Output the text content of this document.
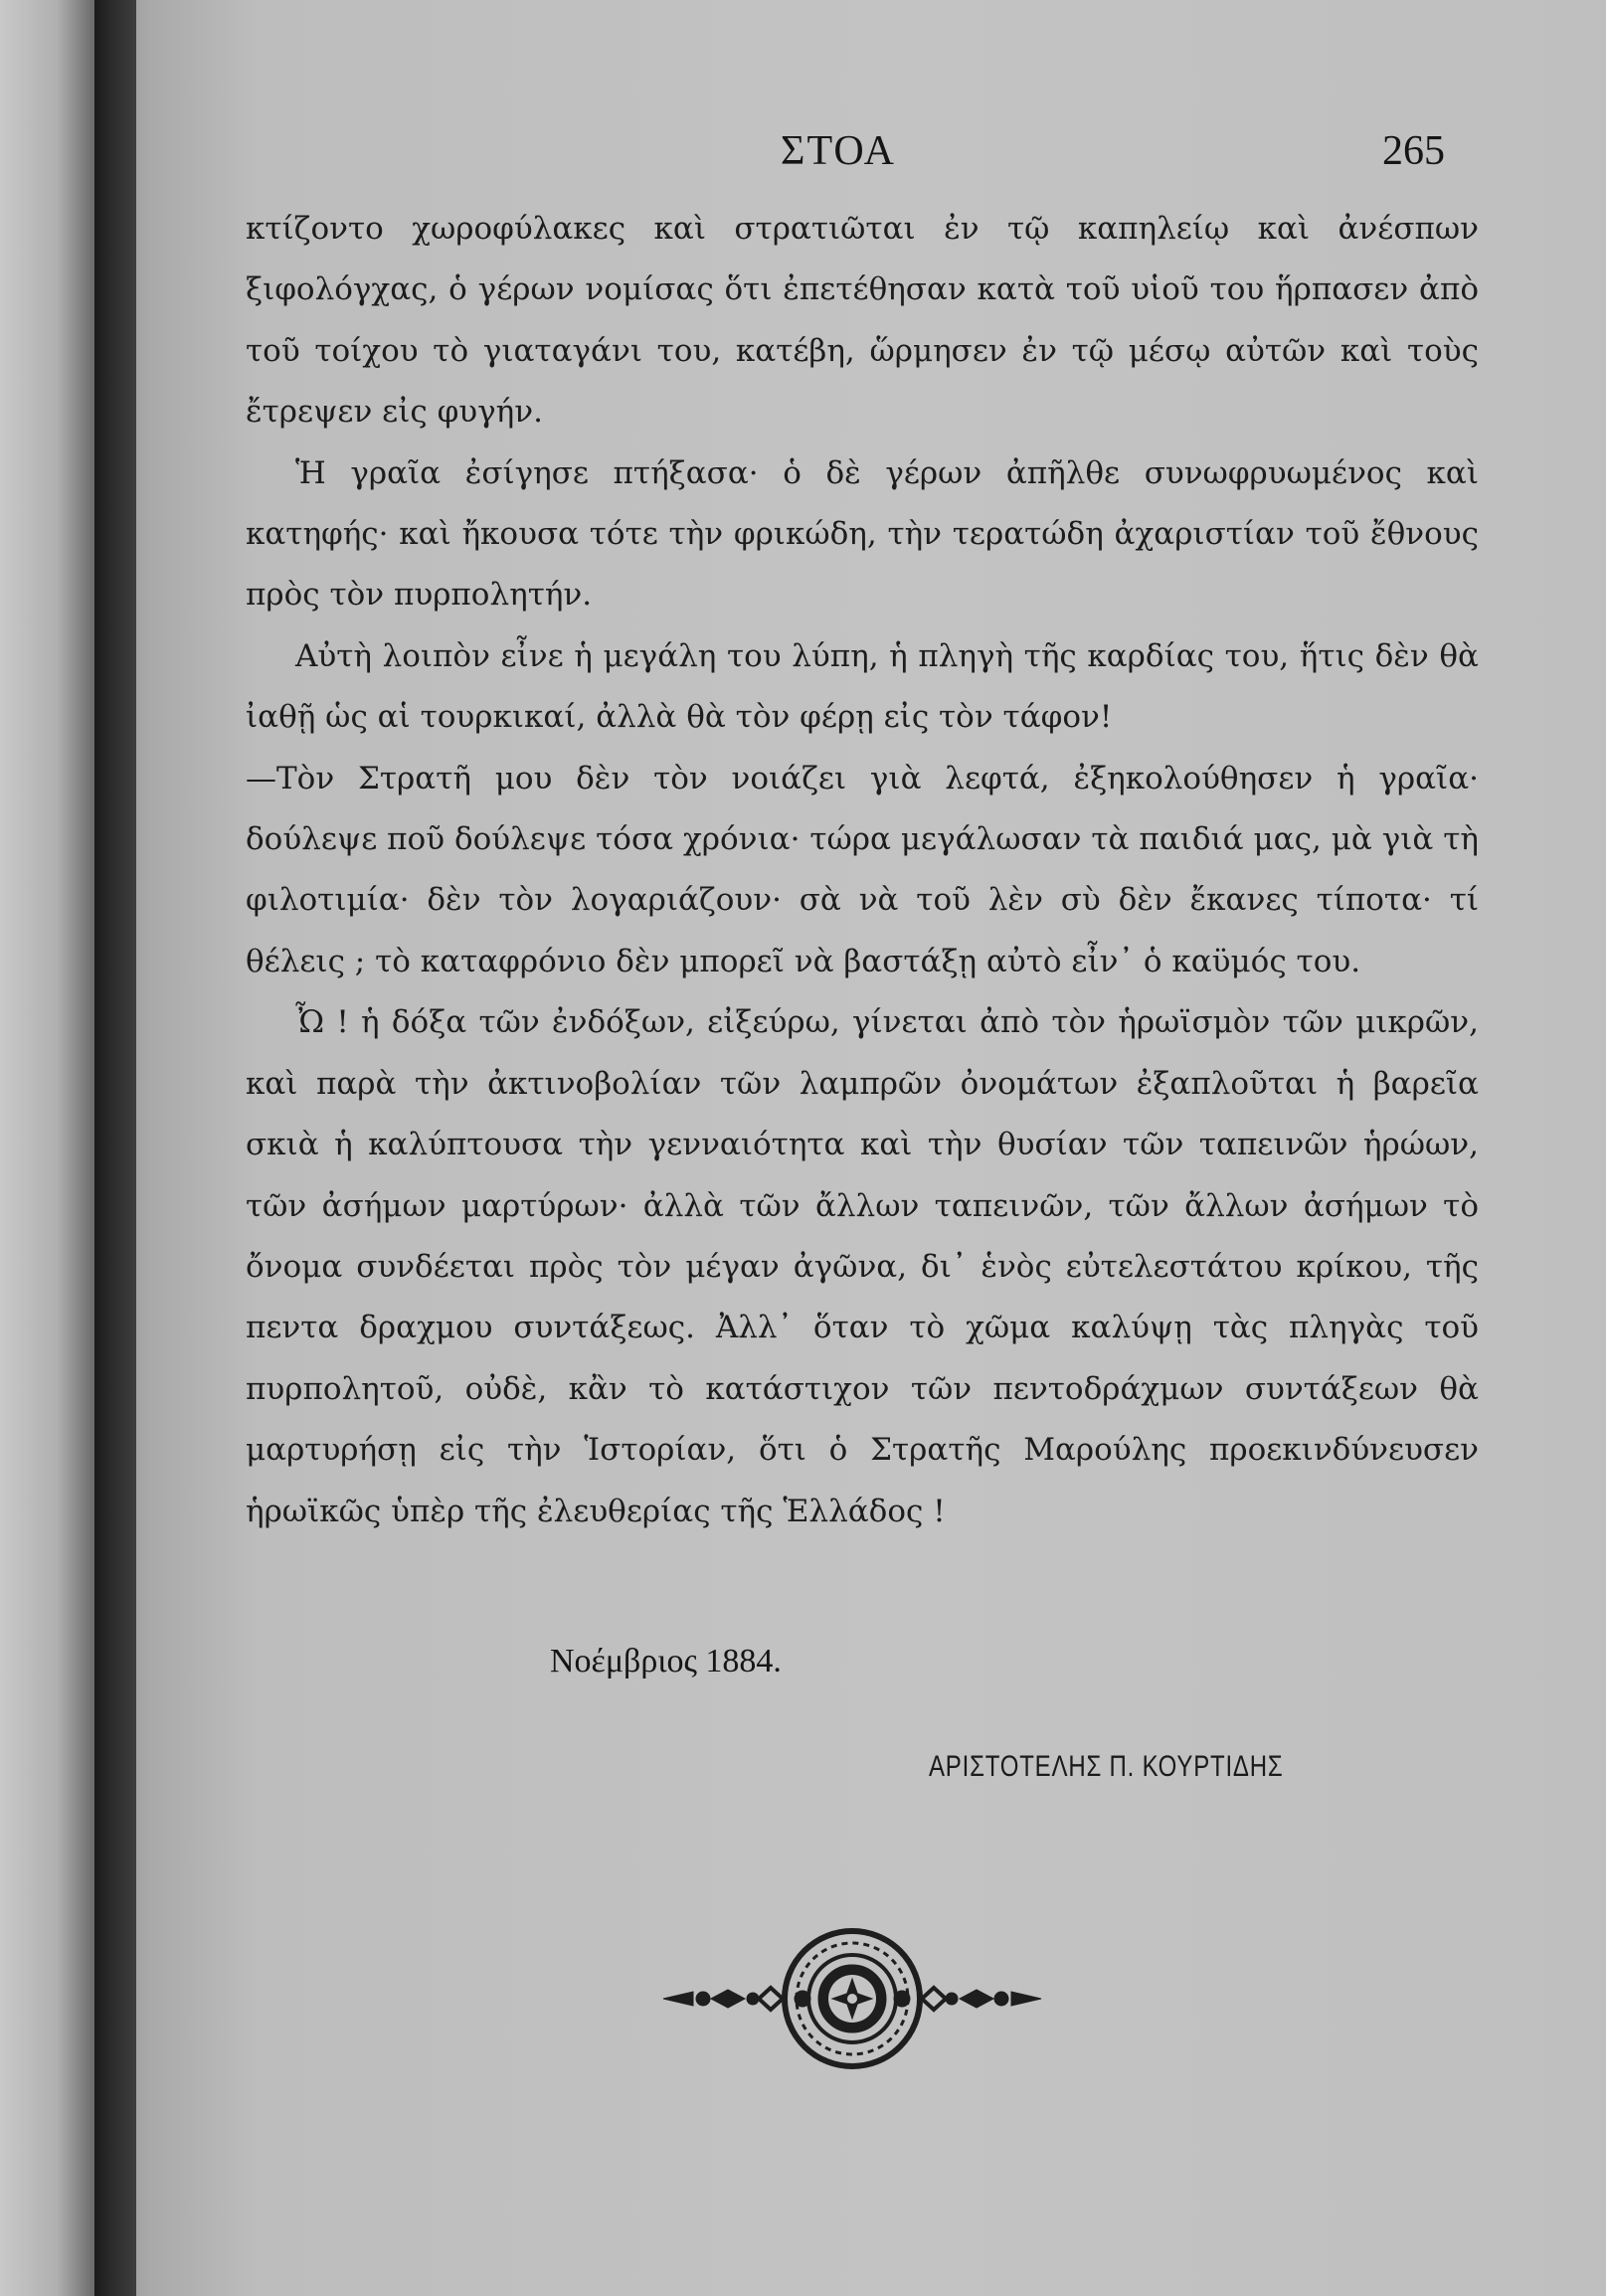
ΣΤΟΑ	265

κτίζοντο χωροφύλακες καὶ στρατιῶται ἐν τῷ καπηλείῳ καὶ ἀνέσπων ξιφολόγχας, ὁ γέρων νομίσας ὅτι ἐπετέθησαν κατὰ τοῦ υἱοῦ του ἥρπασεν ἀπὸ τοῦ τοίχου τὸ γιαταγάνι του, κατέβη, ὥρμησεν ἐν τῷ μέσῳ αὐτῶν καὶ τοὺς ἔτρεψεν εἰς φυγήν.

Ἡ γραῖα ἐσίγησε πτήξασα· ὁ δὲ γέρων ἀπῆλθε συνωφρυωμένος καὶ κατηφής· καὶ ἤκουσα τότε τὴν φρικώδη, τὴν τερατώδη ἀχαριστίαν τοῦ ἔθνους πρὸς τὸν πυρπολητήν.

Αὐτὴ λοιπὸν εἶνε ἡ μεγάλη του λύπη, ἡ πληγὴ τῆς καρδίας του, ἥτις δὲν θὰ ἰαθῇ ὡς αἱ τουρκικαί, ἀλλὰ θὰ τὸν φέρῃ εἰς τὸν τάφον!

—Τὸν Στρατῆ μου δὲν τὸν νοιάζει γιὰ λεφτά, ἐξηκολούθησεν ἡ γραῖα· δούλεψε ποῦ δούλεψε τόσα χρόνια· τώρα μεγάλωσαν τὰ παιδιά μας, μὰ γιὰ τὴ φιλοτιμία· δὲν τὸν λογαριάζουν· σὰ νὰ τοῦ λὲν σὺ δὲν ἔκανες τίποτα· τί θέλεις ; τὸ καταφρόνιο δὲν μπορεῖ νὰ βαστάξῃ αὐτὸ εἶν᾽ ὁ καϋμός του.

Ὦ ! ἡ δόξα τῶν ἐνδόξων, εἰξεύρω, γίνεται ἀπὸ τὸν ἡρωϊσμὸν τῶν μικρῶν, καὶ παρὰ τὴν ἀκτινοβολίαν τῶν λαμπρῶν ὀνομάτων ἐξαπλοῦται ἡ βαρεῖα σκιὰ ἡ καλύπτουσα τὴν γενναιότητα καὶ τὴν θυσίαν τῶν ταπεινῶν ἡρώων, τῶν ἀσήμων μαρτύρων· ἀλλὰ τῶν ἄλλων ταπεινῶν, τῶν ἄλλων ἀσήμων τὸ ὄνομα συνδέεται πρὸς τὸν μέγαν ἀγῶνα, δι᾽ ἑνὸς εὐτελεστάτου κρίκου, τῆς πεντα δραχμου συντάξεως. Ἀλλ᾽ ὅταν τὸ χῶμα καλύψῃ τὰς πληγὰς τοῦ πυρπολητοῦ, οὐδὲ, κἂν τὸ κατάστιχον τῶν πεντοδράχμων συντάξεων θὰ μαρτυρήσῃ εἰς τὴν Ἱστορίαν, ὅτι ὁ Στρατῆς Μαρούλης προεκινδύνευσεν ἡρωϊκῶς ὑπὲρ τῆς ἐλευθερίας τῆς Ἑλλάδος !

Νοέμβριος 1884.
ΑΡΙΣΤΟΤΕΛΗΣ Π. ΚΟΥΡΤΙΔΗΣ
